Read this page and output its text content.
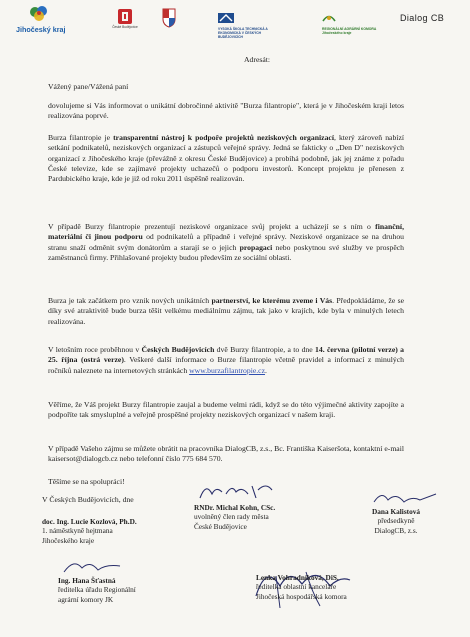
Jihočeský kraj	České Budějovice	VYSOKÁ ŠKOLA TECHNICKÁ A EKONOMICKÁ V ČESKÝCH BUDĚJOVICÍCH
REGIONÁLNÍ AGRÁRNÍ KOMORA Jihočeského kraje
Dialog CB
Adresát:
Vážený pane/Vážená paní
dovolujeme si Vás informovat o unikátní dobročinné aktivitě "Burza filantropie", která je v Jihočeském kraji letos realizována poprvé.
Burza filantropie je transparentní nástroj k podpoře projektů neziskových organizací, který zároveň nabízí setkání podnikatelů, neziskových organizací a zástupců veřejné správy. Jedná se fakticky o „Den D" neziskových organizací z Jihočeského kraje (převážně z okresu České Budějovice) a probíhá podobně, jak jej známe z pořadu České televize, kde se zajímavé projekty uchazečů o podporu investorů. Koncept projektu je přenesen z Pardubického kraje, kde je již od roku 2011 úspěšně realizován.
V případě Burzy filantropie prezentují neziskové organizace svůj projekt a ucházejí se s ním o finanční, materiální či jinou podporu od podnikatelů a případně i veřejné správy. Neziskové organizace se na druhou stranu snaží odměnit svým donátorům a starají se o jejich propagaci nebo poskytnou své služby ve prospěch zaměstnanců firmy. Přihlašované projekty budou především ze sociální oblasti.
Burza je tak začátkem pro vznik nových unikátních partnerství, ke kterému zveme i Vás. Předpokládáme, že se díky své atraktivitě bude burza těšit velkému mediálnímu zájmu, tak jako v krajích, kde byla v minulých letech realizována.
V letošním roce proběhnou v Českých Budějovicích dvě Burzy filantropie, a to dne 14. června (pilotní verze) a 25. října (ostrá verze). Veškeré další informace o Burze filantropie včetně pravidel a informací z minulých ročníků naleznete na internetových stránkách www.burzafilantropie.cz.
Věříme, že Váš projekt Burzy filantropie zaujal a budeme velmi rádi, když se do této výjimečné aktivity zapojíte a podpoříte tak smysluplné a veřejně prospěšné projekty neziskových organizací v našem kraji.
V případě Vašeho zájmu se můžete obrátit na pracovníka DialogCB, z.s., Bc. Františka Kaiseršota, kontaktní e-mail kaisersot@dialogcb.cz nebo telefonní číslo 775 684 570.
Těšíme se na spolupráci!
V Českých Budějovicích, dne
doc. Ing. Lucie Kozlová, Ph.D.
1. náměstkyně hejtmana
Jihočeského kraje
RNDr. Michal Kohn, CSc.
uvolněný člen rady města
České Budějovice
Dana Kalistová
předsedkyně
DialogCB, z.s.
Ing. Hana Šťastná
ředitelka úřadu Regionální
agrární komory JK
Lenka Vohradníková, DiS.
ředitelka oblastní kanceláře
Jihočeská hospodářská komora
